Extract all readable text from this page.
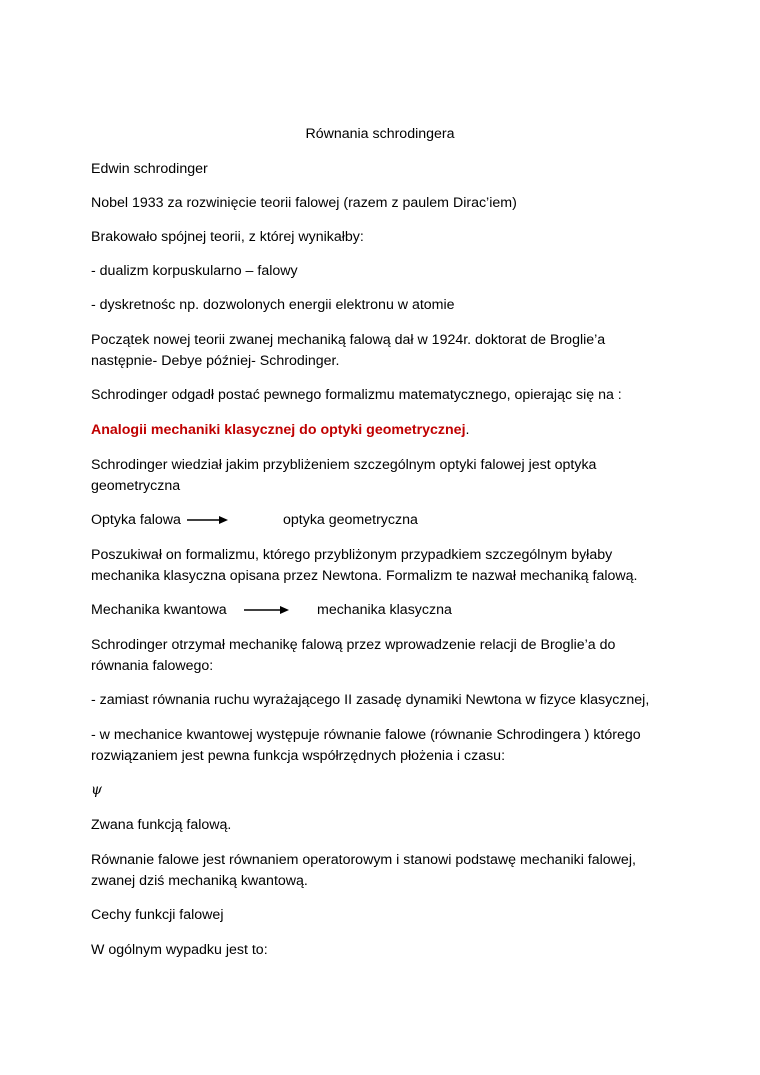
Równania schrodingera
Edwin schrodinger
Nobel 1933 za rozwinięcie teorii falowej (razem z paulem Dirac’iem)
Brakowało spójnej teorii, z której wynikałby:
- dualizm korpuskularno – falowy
- dyskretnośc np. dozwolonych energii elektronu w atomie
Początek nowej teorii zwanej mechaniką falową dał w 1924r. doktorat de Broglie’a
następnie- Debye później- Schrodinger.
Schrodinger odgadł postać pewnego formalizmu matematycznego, opierając się na :
Analogii mechaniki klasycznej do optyki geometrycznej.
Schrodinger wiedział jakim przybliżeniem szczególnym optyki falowej jest optyka
geometryczna
Optyka falowa	optyka geometryczna
Poszukiwał on formalizmu, którego przybliżonym przypadkiem szczególnym byłaby
mechanika klasyczna opisana przez Newtona. Formalizm te nazwał mechaniką falową.
Mechanika kwantowa	mechanika klasyczna
Schrodinger otrzymał mechanikę falową przez wprowadzenie relacji de Broglie’a do
równania falowego:
- zamiast równania ruchu wyrażającego II zasadę dynamiki Newtona w fizyce klasycznej,
- w mechanice kwantowej występuje równanie falowe (równanie Schrodingera ) którego
rozwiązaniem jest pewna funkcja współrzędnych płożenia i czasu:
ψ
Zwana funkcją falową.
Równanie falowe jest równaniem operatorowym i stanowi podstawę mechaniki falowej,
zwanej dziś mechaniką kwantową.
Cechy funkcji falowej
W ogólnym wypadku jest to:
